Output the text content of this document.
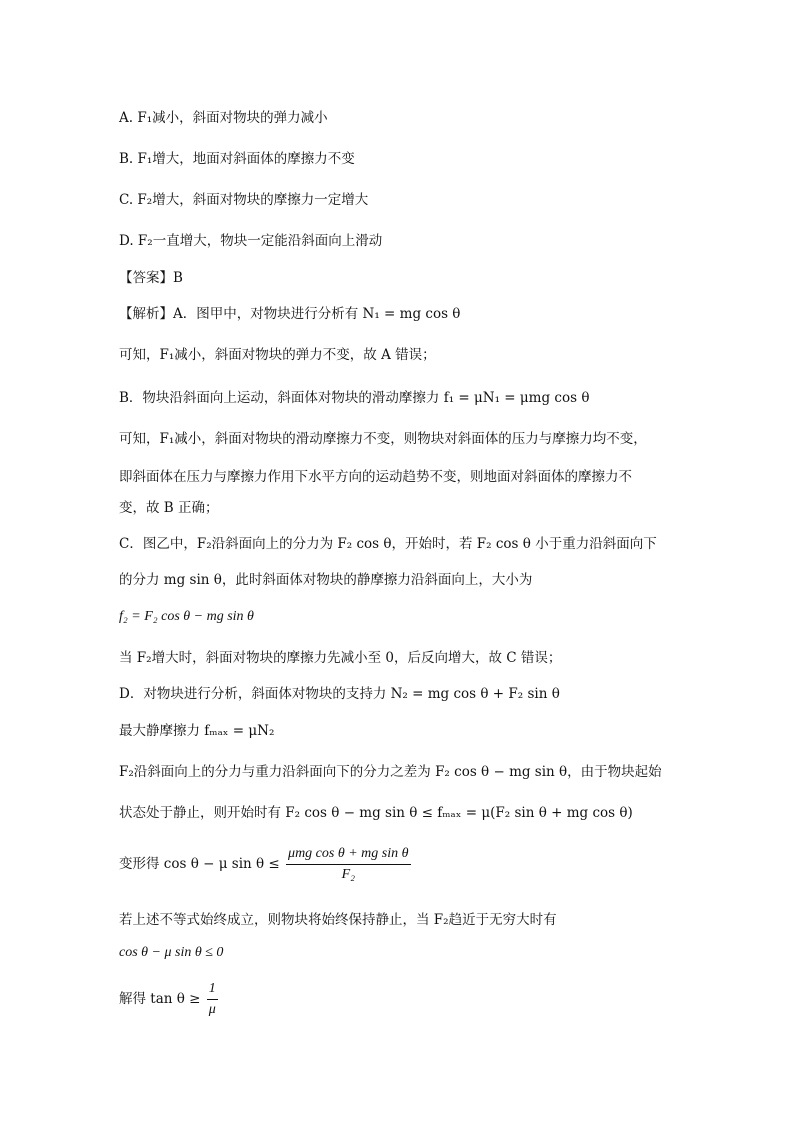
A. F₁减小，斜面对物块的弹力减小
B. F₁增大，地面对斜面体的摩擦力不变
C. F₂增大，斜面对物块的摩擦力一定增大
D. F₂一直增大，物块一定能沿斜面向上滑动
【答案】B
【解析】A．图甲中，对物块进行分析有 N₁ = mg cos θ
可知，F₁减小，斜面对物块的弹力不变，故 A 错误；
B．物块沿斜面向上运动，斜面体对物块的滑动摩擦力 f₁ = μN₁ = μmg cos θ
可知，F₁减小，斜面对物块的滑动摩擦力不变，则物块对斜面体的压力与摩擦力均不变，
即斜面体在压力与摩擦力作用下水平方向的运动趋势不变，则地面对斜面体的摩擦力不
变，故 B 正确；
C．图乙中，F₂沿斜面向上的分力为 F₂ cos θ，开始时，若 F₂ cos θ 小于重力沿斜面向下
的分力 mg sin θ，此时斜面体对物块的静摩擦力沿斜面向上，大小为
f₂ = F₂ cos θ − mg sin θ
当 F₂增大时，斜面对物块的摩擦力先减小至 0，后反向增大，故 C 错误；
D．对物块进行分析，斜面体对物块的支持力 N₂ = mg cos θ + F₂ sin θ
最大静摩擦力 fₘₐₓ = μN₂
F₂沿斜面向上的分力与重力沿斜面向下的分力之差为 F₂ cos θ − mg sin θ，由于物块起始
状态处于静止，则开始时有 F₂ cos θ − mg sin θ ≤ fₘₐₓ = μ(F₂ sin θ + mg cos θ)
变形得 cos θ − μ $\sin \theta \le \frac{\text{μmg cos θ + mg sin θ}}{\text{F₂}}$
若上述不等式始终成立，则物块将始终保持静止，当 F₂趋近于无穷大时有
cos θ − μ sin θ ≤ 0
解得 $\tan \theta \ge \frac{1}{\mu}$
